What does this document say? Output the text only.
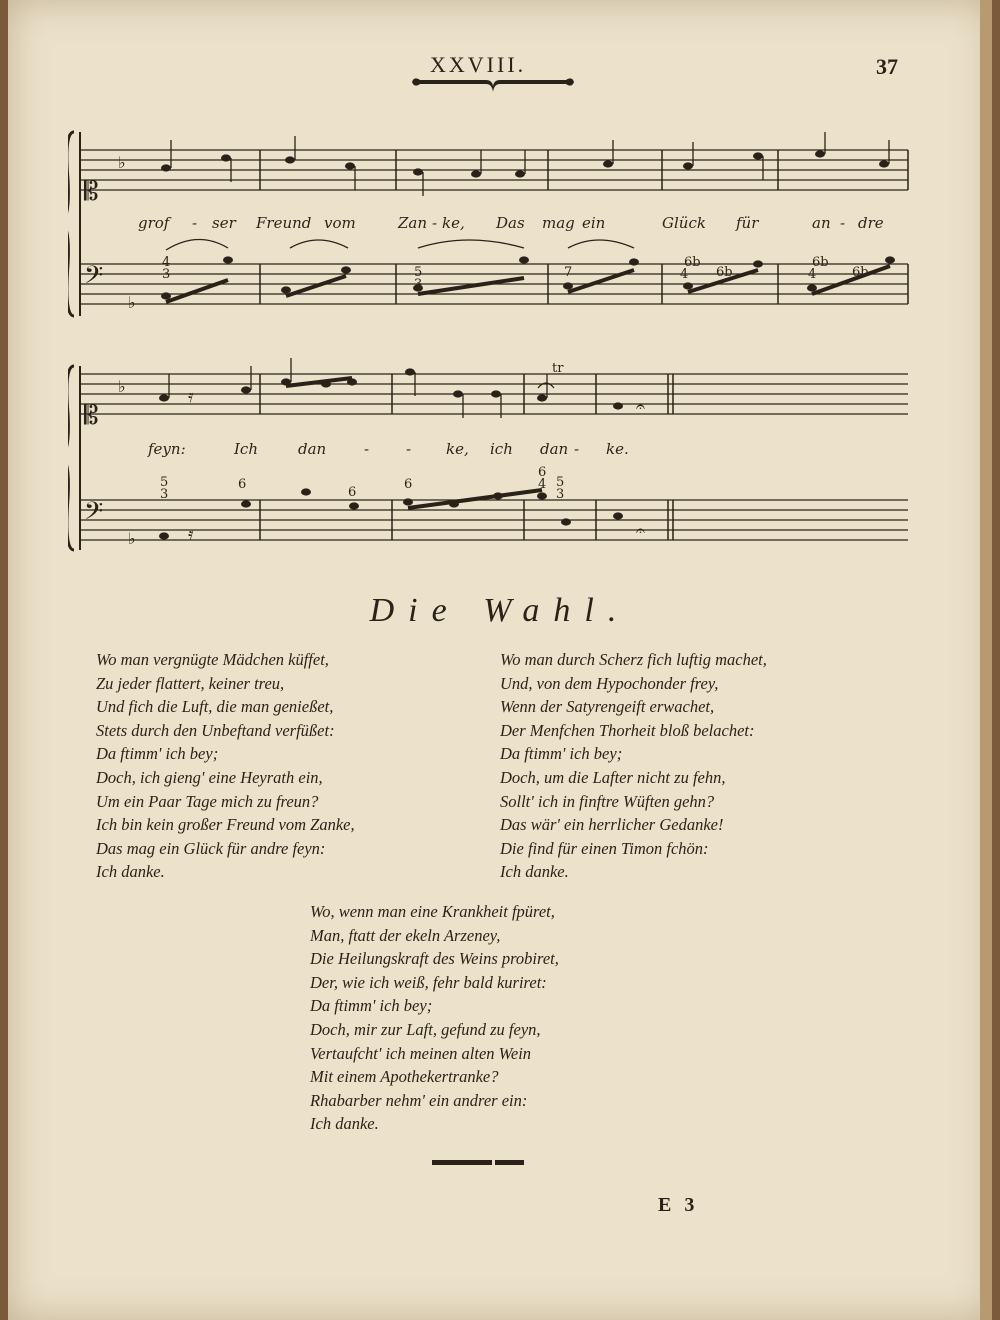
XXVIII.	37
𝄡
𝄢
♭
♭
grof - ser Freund vom	Zan - ke, Das mag ein	Glück für	an - dre
4
3	5
3
7
6b
4 6b	4
6b
6b
𝄡
𝄢
♭
♭
𝄿
𝄿
𝄐
𝄐
tr
feyn:	Ich	dan	- - ke, ich dan - ke.
5
3
6
6
6
6
4 5
3
Die Wahl.
Wo man vergnügte Mädchen küffet,
Zu jeder flattert, keiner treu,
Und fich die Luft, die man genießet,
Stets durch den Unbeftand verfüßet:
Da ftimm' ich bey;
Doch, ich gieng' eine Heyrath ein,
Um ein Paar Tage mich zu freun?
Ich bin kein großer Freund vom Zanke,
Das mag ein Glück für andre feyn:
Ich danke.
Wo man durch Scherz fich luftig machet,
Und, von dem Hypochonder frey,
Wenn der Satyrengeift erwachet,
Der Menfchen Thorheit bloß belachet:
Da ftimm' ich bey;
Doch, um die Lafter nicht zu fehn,
Sollt' ich in finftre Wüften gehn?
Das wär' ein herrlicher Gedanke!
Die find für einen Timon fchön:
Ich danke.
Wo, wenn man eine Krankheit fpüret,
Man, ftatt der ekeln Arzeney,
Die Heilungskraft des Weins probiret,
Der, wie ich weiß, fehr bald kuriret:
Da ftimm' ich bey;
Doch, mir zur Laft, gefund zu feyn,
Vertaufcht' ich meinen alten Wein
Mit einem Apothekertranke?
Rhabarber nehm' ein andrer ein:
Ich danke.
E 3
